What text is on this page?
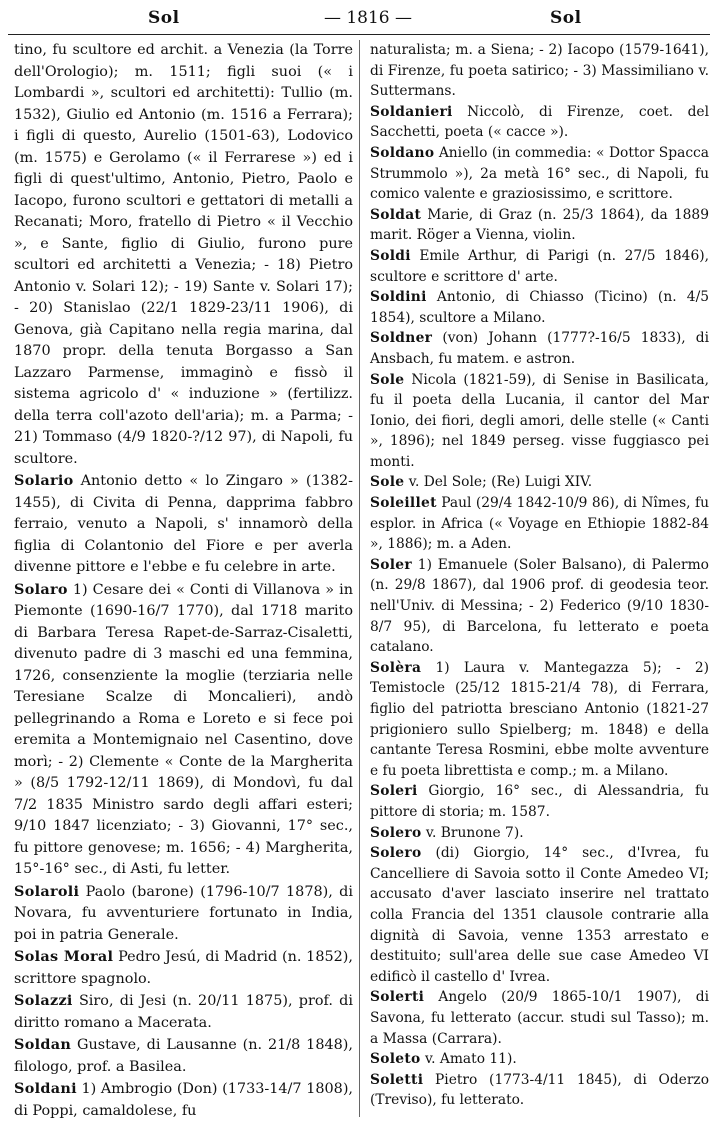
Sol	— 1816 —	Sol

tino, fu scultore ed archit. a Venezia (la Torre dell'Orologio); m. 1511; figli suoi (« i Lombardi », scultori ed architetti): Tullio (m. 1532), Giulio ed Antonio (m. 1516 a Ferrara); i figli di questo, Aurelio (1501-63), Lodovico (m. 1575) e Gerolamo (« il Ferrarese ») ed i figli di quest'ultimo, Antonio, Pietro, Paolo e Iacopo, furono scultori e gettatori di metalli a Recanati; Moro, fratello di Pietro « il Vecchio », e Sante, figlio di Giulio, furono pure scultori ed architetti a Venezia; - 18) Pietro Antonio v. Solari 12); - 19) Sante v. Solari 17); - 20) Stanislao (22/1 1829-23/11 1906), di Genova, già Capitano nella regia marina, dal 1870 propr. della tenuta Borgasso a San Lazzaro Parmense, immaginò e fissò il sistema agricolo d' « induzione » (fertilizz. della terra coll'azoto dell'aria); m. a Parma; - 21) Tommaso (4/9 1820-?/12 97), di Napoli, fu scultore.

Solario Antonio detto « lo Zingaro » (1382-1455), di Civita di Penna, dapprima fabbro ferraio, venuto a Napoli, s' innamorò della figlia di Colantonio del Fiore e per averla divenne pittore e l'ebbe e fu celebre in arte.

Solaro 1) Cesare dei « Conti di Villanova » in Piemonte (1690-16/7 1770), dal 1718 marito di Barbara Teresa Rapet-de-Sarraz-Cisaletti, divenuto padre di 3 maschi ed una femmina, 1726, consenziente la moglie (terziaria nelle Teresiane Scalze di Moncalieri), andò pellegrinando a Roma e Loreto e si fece poi eremita a Montemignaio nel Casentino, dove morì; - 2) Clemente « Conte de la Margherita » (8/5 1792-12/11 1869), di Mondovì, fu dal 7/2 1835 Ministro sardo degli affari esteri; 9/10 1847 licenziato; - 3) Giovanni, 17° sec., fu pittore genovese; m. 1656; - 4) Margherita, 15°-16° sec., di Asti, fu letter.

Solaroli Paolo (barone) (1796-10/7 1878), di Novara, fu avventuriere fortunato in India, poi in patria Generale.

Solas Moral Pedro Jesú, di Madrid (n. 1852), scrittore spagnolo.

Solazzi Siro, di Jesi (n. 20/11 1875), prof. di diritto romano a Macerata.

Soldan Gustave, di Lausanne (n. 21/8 1848), filologo, prof. a Basilea.

Soldani 1) Ambrogio (Don) (1733-14/7 1808), di Poppi, camaldolese, fu

naturalista; m. a Siena; - 2) Iacopo (1579-1641), di Firenze, fu poeta satirico; - 3) Massimiliano v. Suttermans.

Soldanieri Niccolò, di Firenze, coet. del Sacchetti, poeta (« cacce »).

Soldano Aniello (in commedia: « Dottor Spacca Strummolo »), 2a metà 16° sec., di Napoli, fu comico valente e graziosissimo, e scrittore.

Soldat Marie, di Graz (n. 25/3 1864), da 1889 marit. Röger a Vienna, violin.

Soldi Emile Arthur, di Parigi (n. 27/5 1846), scultore e scrittore d' arte.

Soldini Antonio, di Chiasso (Ticino) (n. 4/5 1854), scultore a Milano.

Soldner (von) Johann (1777?-16/5 1833), di Ansbach, fu matem. e astron.

Sole Nicola (1821-59), di Senise in Basilicata, fu il poeta della Lucania, il cantor del Mar Ionio, dei fiori, degli amori, delle stelle (« Canti », 1896); nel 1849 perseg. visse fuggiasco pei monti.

Sole v. Del Sole; (Re) Luigi XIV.

Soleillet Paul (29/4 1842-10/9 86), di Nîmes, fu esplor. in Africa (« Voyage en Ethiopie 1882-84 », 1886); m. a Aden.

Soler 1) Emanuele (Soler Balsano), di Palermo (n. 29/8 1867), dal 1906 prof. di geodesia teor. nell'Univ. di Messina; - 2) Federico (9/10 1830-8/7 95), di Barcelona, fu letterato e poeta catalano.

Solèra 1) Laura v. Mantegazza 5); - 2) Temistocle (25/12 1815-21/4 78), di Ferrara, figlio del patriotta bresciano Antonio (1821-27 prigioniero sullo Spielberg; m. 1848) e della cantante Teresa Rosmini, ebbe molte avventure e fu poeta librettista e comp.; m. a Milano.

Soleri Giorgio, 16° sec., di Alessandria, fu pittore di storia; m. 1587.

Solero v. Brunone 7).

Solero (di) Giorgio, 14° sec., d'Ivrea, fu Cancelliere di Savoia sotto il Conte Amedeo VI; accusato d'aver lasciato inserire nel trattato colla Francia del 1351 clausole contrarie alla dignità di Savoia, venne 1353 arrestato e destituito; sull'area delle sue case Amedeo VI edificò il castello d' Ivrea.

Solerti Angelo (20/9 1865-10/1 1907), di Savona, fu letterato (accur. studi sul Tasso); m. a Massa (Carrara).

Soleto v. Amato 11).

Soletti Pietro (1773-4/11 1845), di Oderzo (Treviso), fu letterato.
